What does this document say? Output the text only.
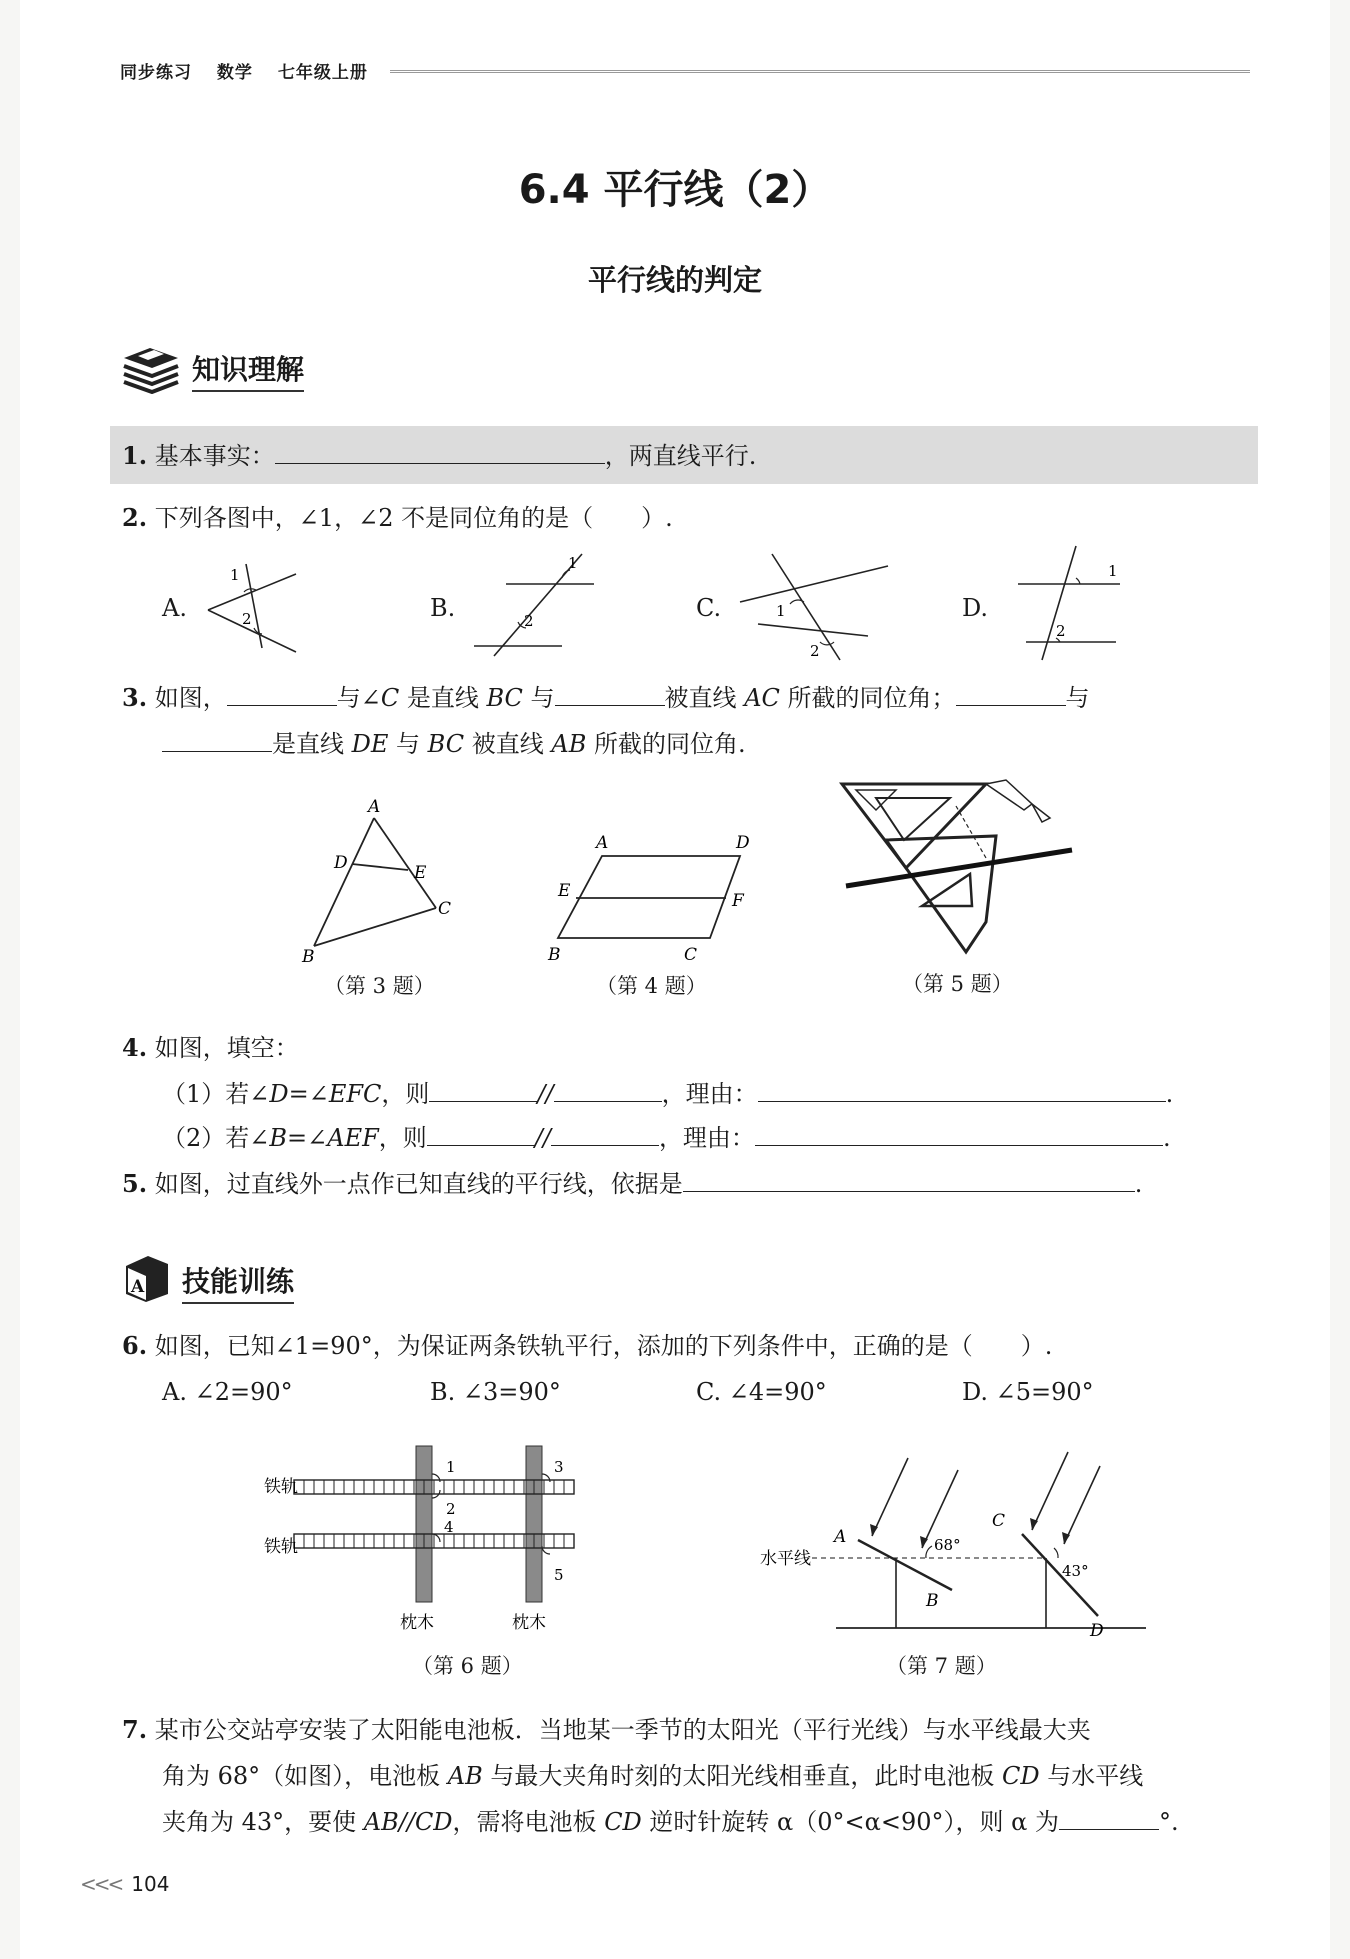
同步练习 数学 七年级上册
6.4 平行线（2）
平行线的判定
知识理解
1. 基本事实：	，两直线平行.
2. 下列各图中，∠1，∠2 不是同位角的是（　　）.
A.	B.	C.	D.
1
2
1
2
1
2
1
2
3. 如图，	与∠C 是直线 BC 与	被直线 AC 所截的同位角；	与
是直线 DE 与 BC 被直线 AB 所截的同位角.
A
D	E
C
B
（第 3 题）
A	D
E	F
B	C
（第 4 题）	（第 5 题）
4. 如图，填空：
（1）若∠D=∠EFC，则	//	，理由：	.
（2）若∠B=∠AEF，则	//	，理由：	.
5. 如图，过直线外一点作已知直线的平行线，依据是	.
A 技能训练
6. 如图，已知∠1=90°，为保证两条铁轨平行，添加的下列条件中，正确的是（　　）.
A. ∠2=90°	B. ∠3=90°	C. ∠4=90°	D. ∠5=90°
铁轨
铁轨
枕木	枕木
1
2
4
3
5
（第 6 题）
水平线
A
B
C
D
68°
43°
（第 7 题）
7. 某市公交站亭安装了太阳能电池板．当地某一季节的太阳光（平行光线）与水平线最大夹
角为 68°（如图），电池板 AB 与最大夹角时刻的太阳光线相垂直，此时电池板 CD 与水平线
夹角为 43°，要使 AB//CD，需将电池板 CD 逆时针旋转 α（0°<α<90°），则 α 为	°.
<<< 104
